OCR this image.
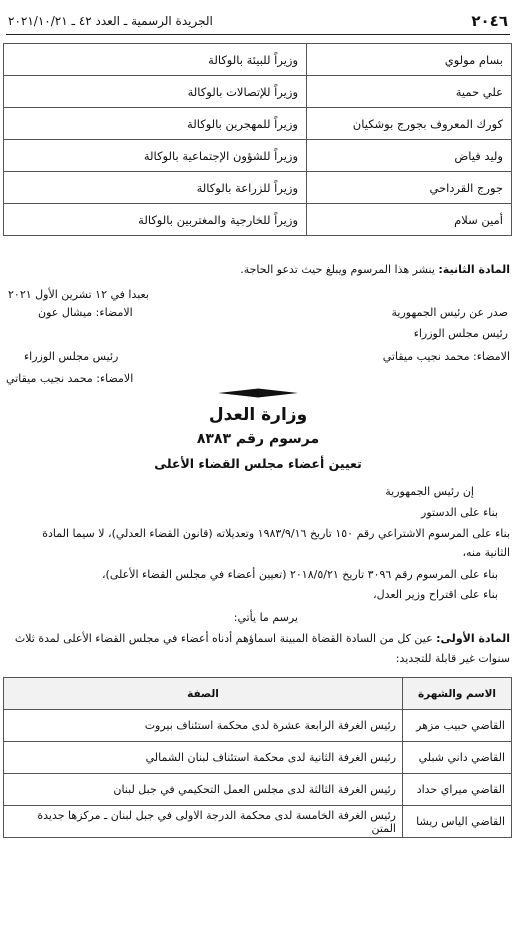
٢٠٤٦
الجريدة الرسمية ـ العدد ٤٢ ـ ٢٠٢١/١٠/٢١
بسام مولوي	وزيراً للبيئة بالوكالة
علي حمية	وزيراً للإتصالات بالوكالة
كورك المعروف بجورج بوشكيان	وزيراً للمهجرين بالوكالة
وليد فياض	وزيراً للشؤون الإجتماعية بالوكالة
جورج القرداحي	وزيراً للزراعة بالوكالة
أمين سلام	وزيراً للخارجية والمغتربين بالوكالة
المادة الثانية: ينشر هذا المرسوم ويبلغ حيث تدعو الحاجة.
بعبدا في ١٢ تشرين الأول ٢٠٢١
الامضاء: ميشال عون	صدر عن رئيس الجمهورية
رئيس مجلس الوزراء
الامضاء: محمد نجيب ميقاتي
رئيس مجلس الوزراء
الامضاء: محمد نجيب ميقاتي
وزارة العدل
مرسوم رقم ٨٣٨٣
تعيين أعضاء مجلس القضاء الأعلى
إن رئيس الجمهورية
بناء على الدستور
بناء على المرسوم الاشتراعي رقم ١٥٠ تاريخ ١٩٨٣/٩/١٦ وتعديلاته (قانون القضاء العدلي)، لا سيما المادة
الثانية منه،
بناء على المرسوم رقم ٣٠٩٦ تاريخ ٢٠١٨/٥/٢١ (تعيين أعضاء في مجلس القضاء الأعلى)،
بناء على اقتراح وزير العدل،
يرسم ما يأتي:
المادة الأولى: عين كل من السادة القضاة المبينة اسماؤهم أدناه أعضاء في مجلس القضاء الأعلى لمدة ثلاث
سنوات غير قابلة للتجديد:
الاسم والشهرة	الصفة
القاضي حبيب مزهر	رئيس الغرفة الرابعة عشرة لدى محكمة استئناف بيروت
القاضي داني شبلي	رئيس الغرفة الثانية لدى محكمة استئناف لبنان الشمالي
القاضي ميراي حداد	رئيس الغرفة الثالثة لدى مجلس العمل التحكيمي في جبل لبنان
القاضي الياس ريشا	رئيس الغرفة الخامسة لدى محكمة الدرجة الاولى في جبل لبنان ـ مركزها جديدة المتن
